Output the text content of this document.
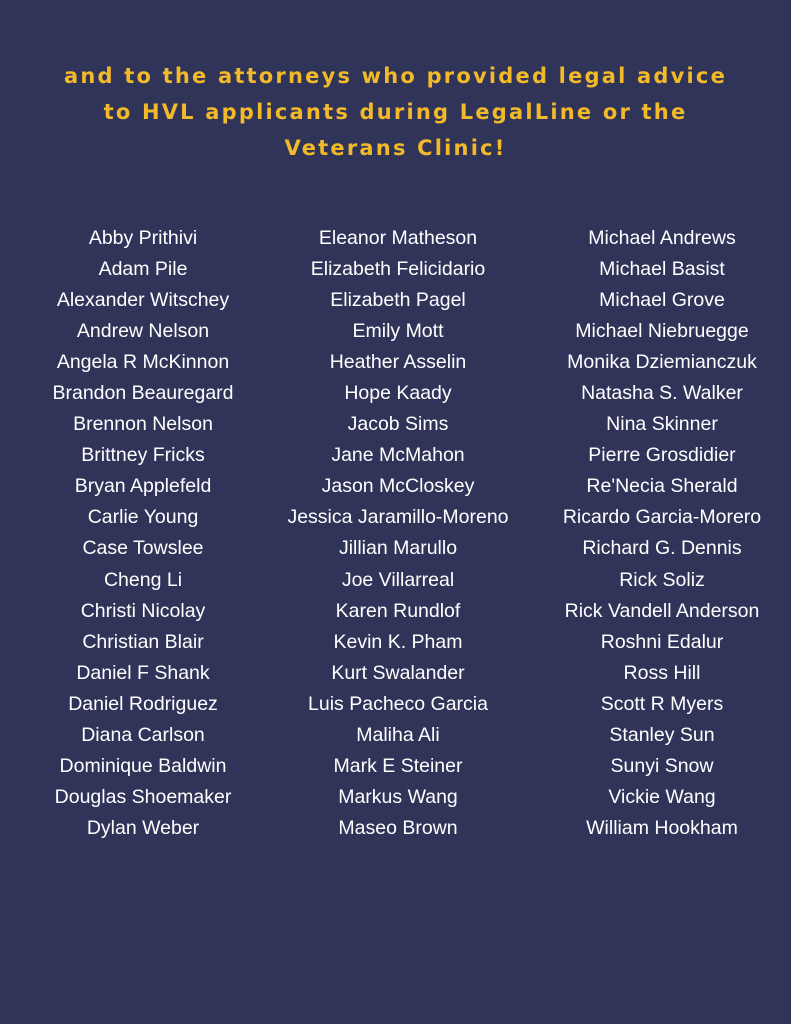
and to the attorneys who provided legal advice
to HVL applicants during LegalLine or the
Veterans Clinic!
Abby Prithivi
Adam Pile
Alexander Witschey
Andrew Nelson
Angela R McKinnon
Brandon Beauregard
Brennon Nelson
Brittney Fricks
Bryan Applefeld
Carlie Young
Case Towslee
Cheng Li
Christi Nicolay
Christian Blair
Daniel F Shank
Daniel Rodriguez
Diana Carlson
Dominique Baldwin
Douglas Shoemaker
Dylan Weber
Eleanor Matheson
Elizabeth Felicidario
Elizabeth Pagel
Emily Mott
Heather Asselin
Hope Kaady
Jacob Sims
Jane McMahon
Jason McCloskey
Jessica Jaramillo-Moreno
Jillian Marullo
Joe Villarreal
Karen Rundlof
Kevin K. Pham
Kurt Swalander
Luis Pacheco Garcia
Maliha Ali
Mark E Steiner
Markus Wang
Maseo Brown
Michael Andrews
Michael Basist
Michael Grove
Michael Niebruegge
Monika Dziemianczuk
Natasha S. Walker
Nina Skinner
Pierre Grosdidier
Re'Necia Sherald
Ricardo Garcia-Morero
Richard G. Dennis
Rick Soliz
Rick Vandell Anderson
Roshni Edalur
Ross Hill
Scott R Myers
Stanley Sun
Sunyi Snow
Vickie Wang
William Hookham
